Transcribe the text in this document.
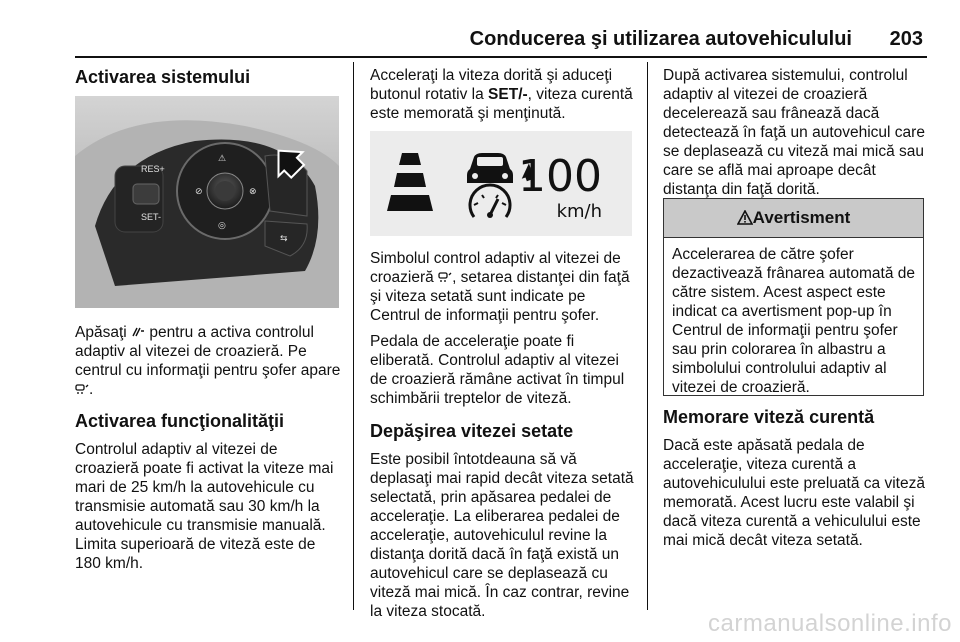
Conducerea şi utilizarea autovehiculului 203
Activarea sistemului
RES+
SET-
⚠
⊘	⊗
◎
⇆

Apăsaţi  pentru a activa controlul adaptiv al vitezei de croazieră. Pe centrul cu informaţii pentru şofer apare .

Activarea funcţionalităţii

Controlul adaptiv al vitezei de croazieră poate fi activat la viteze mai mari de 25 km/h la autovehicule cu transmisie automată sau 30 km/h la autovehicule cu transmisie manuală. Limita superioară de viteză este de 180 km/h.

Acceleraţi la viteza dorită şi aduceţi butonul rotativ la SET/-, viteza curentă este memorată şi menţinută.

100
km/h

Simbolul control adaptiv al vitezei de croazieră , setarea distanţei din faţă şi viteza setată sunt indicate pe Centrul de informaţii pentru şofer.

Pedala de acceleraţie poate fi eliberată. Controlul adaptiv al vitezei de croazieră rămâne activat în timpul schimbării treptelor de viteză.

Depăşirea vitezei setate

Este posibil întotdeauna să vă deplasaţi mai rapid decât viteza setată selectată, prin apăsarea pedalei de acceleraţie. La eliberarea pedalei de acceleraţie, autovehiculul revine la distanţa dorită dacă în faţă există un autovehicul care se deplasează cu viteză mai mică. În caz contrar, revine la viteza stocată.

După activarea sistemului, controlul adaptiv al vitezei de croazieră decelerează sau frânează dacă detectează în faţă un autovehicul care se deplasează cu viteză mai mică sau care se află mai aproape decât distanţa din faţă dorită.

Avertisment
Accelerarea de către şofer dezactivează frânarea automată de către sistem. Acest aspect este indicat ca avertisment pop-up în Centrul de informaţii pentru şofer sau prin colorarea în albastru a simbolului controlului adaptiv al vitezei de croazieră.
Memorare viteză curentă

Dacă este apăsată pedala de acceleraţie, viteza curentă a autovehiculului este preluată ca viteză memorată. Acest lucru este valabil şi dacă viteza curentă a vehiculului este mai mică decât viteza setată.

carmanualsonline.info
